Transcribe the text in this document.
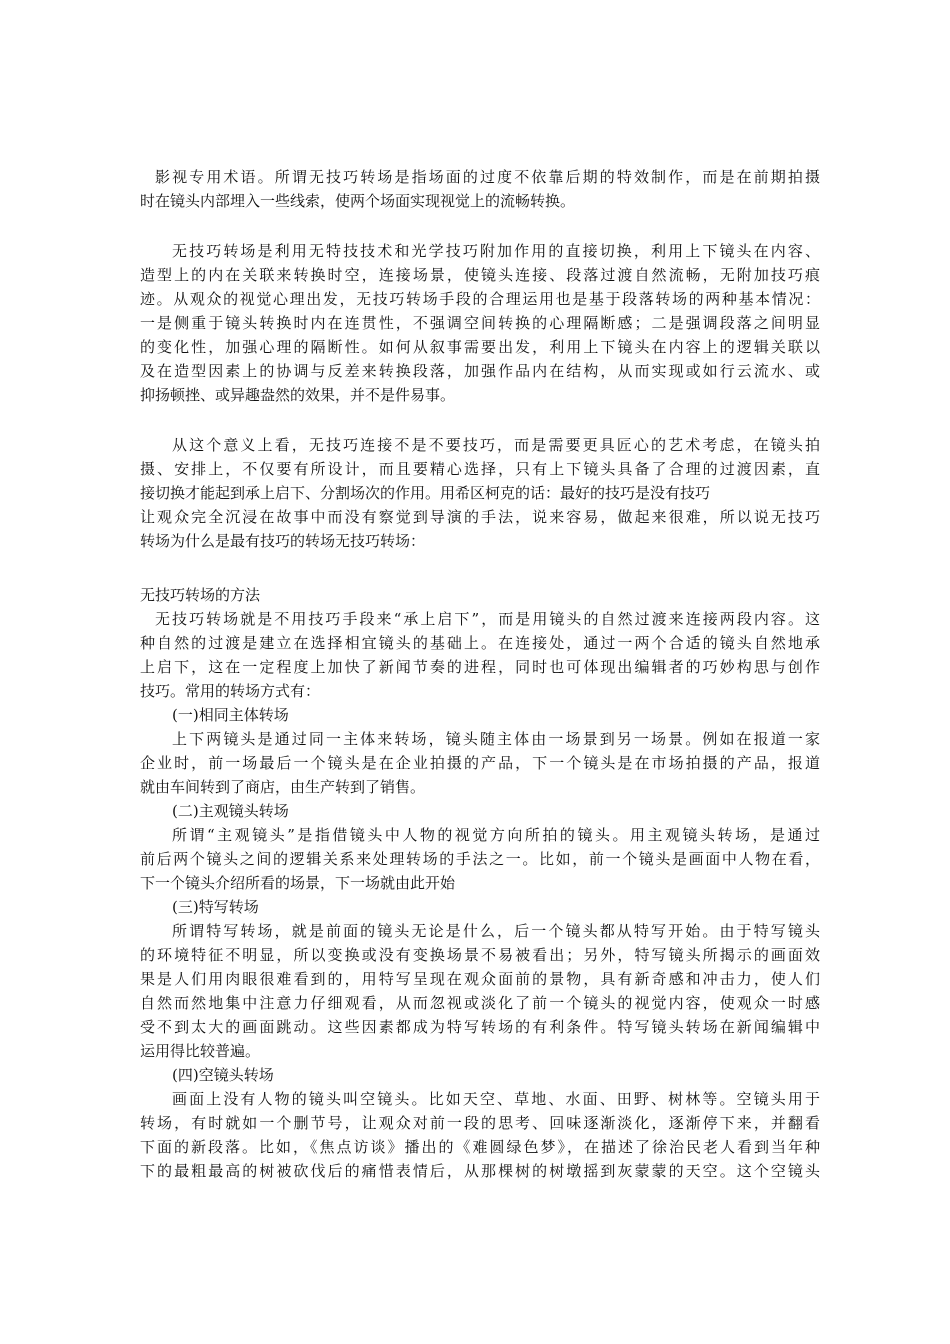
影视专用术语。所谓无技巧转场是指场面的过度不依靠后期的特效制作，而是在前期拍摄
时在镜头内部埋入一些线索，使两个场面实现视觉上的流畅转换。
无技巧转场是利用无特技技术和光学技巧附加作用的直接切换，利用上下镜头在内容、
造型上的内在关联来转换时空，连接场景，使镜头连接、段落过渡自然流畅，无附加技巧痕
迹。从观众的视觉心理出发，无技巧转场手段的合理运用也是基于段落转场的两种基本情况：
一是侧重于镜头转换时内在连贯性，不强调空间转换的心理隔断感；二是强调段落之间明显
的变化性，加强心理的隔断性。如何从叙事需要出发，利用上下镜头在内容上的逻辑关联以
及在造型因素上的协调与反差来转换段落，加强作品内在结构，从而实现或如行云流水、或
抑扬顿挫、或异趣盎然的效果，并不是件易事。
从这个意义上看，无技巧连接不是不要技巧，而是需要更具匠心的艺术考虑，在镜头拍
摄、安排上，不仅要有所设计，而且要精心选择，只有上下镜头具备了合理的过渡因素，直
接切换才能起到承上启下、分割场次的作用。用希区柯克的话：最好的技巧是没有技巧
让观众完全沉浸在故事中而没有察觉到导演的手法，说来容易，做起来很难，所以说无技巧
转场为什么是最有技巧的转场无技巧转场：
无技巧转场的方法
无技巧转场就是不用技巧手段来“承上启下”，而是用镜头的自然过渡来连接两段内容。这
种自然的过渡是建立在选择相宜镜头的基础上。在连接处，通过一两个合适的镜头自然地承
上启下，这在一定程度上加快了新闻节奏的进程，同时也可体现出编辑者的巧妙构思与创作
技巧。常用的转场方式有：
(一)相同主体转场
上下两镜头是通过同一主体来转场，镜头随主体由一场景到另一场景。例如在报道一家
企业时，前一场最后一个镜头是在企业拍摄的产品，下一个镜头是在市场拍摄的产品，报道
就由车间转到了商店，由生产转到了销售。
(二)主观镜头转场
所谓“主观镜头”是指借镜头中人物的视觉方向所拍的镜头。用主观镜头转场，是通过
前后两个镜头之间的逻辑关系来处理转场的手法之一。比如，前一个镜头是画面中人物在看，
下一个镜头介绍所看的场景，下一场就由此开始
(三)特写转场
所谓特写转场，就是前面的镜头无论是什么，后一个镜头都从特写开始。由于特写镜头
的环境特征不明显，所以变换或没有变换场景不易被看出；另外，特写镜头所揭示的画面效
果是人们用肉眼很难看到的，用特写呈现在观众面前的景物，具有新奇感和冲击力，使人们
自然而然地集中注意力仔细观看，从而忽视或淡化了前一个镜头的视觉内容，使观众一时感
受不到太大的画面跳动。这些因素都成为特写转场的有利条件。特写镜头转场在新闻编辑中
运用得比较普遍。
(四)空镜头转场
画面上没有人物的镜头叫空镜头。比如天空、草地、水面、田野、树林等。空镜头用于
转场，有时就如一个删节号，让观众对前一段的思考、回味逐渐淡化，逐渐停下来，并翻看
下面的新段落。比如，《焦点访谈》播出的《难圆绿色梦》，在描述了徐治民老人看到当年种
下的最粗最高的树被砍伐后的痛惜表情后，从那棵树的树墩摇到灰蒙蒙的天空。这个空镜头
